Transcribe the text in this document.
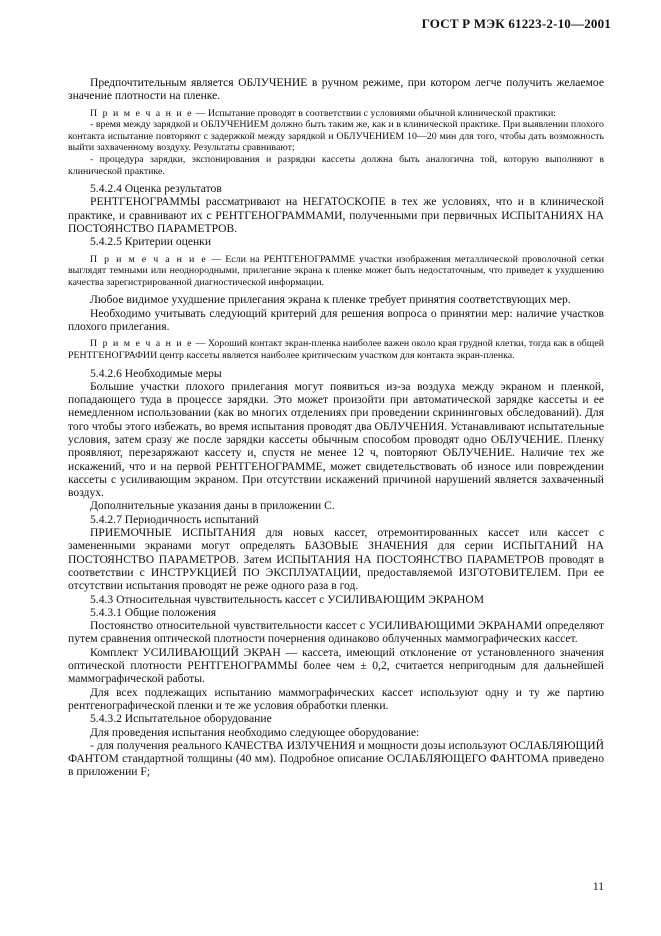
ГОСТ Р МЭК 61223-2-10—2001

Предпочтительным является ОБЛУЧЕНИЕ в ручном режиме, при котором легче получить желаемое значение плотности на пленке.

П р и м е ч а н и е — Испытание проводят в соответствии с условиями обычной клинической практики:

- время между зарядкой и ОБЛУЧЕНИЕМ должно быть таким же, как и в клинической практике. При выявлении плохого контакта испытание повторяют с задержкой между зарядкой и ОБЛУЧЕНИЕМ 10—20 мин для того, чтобы дать возможность выйти захваченному воздуху. Результаты сравнивают;

- процедура зарядки, экспонирования и разрядки кассеты должна быть аналогична той, которую выполняют в клинической практике.

5.4.2.4 Оценка результатов

РЕНТГЕНОГРАММЫ рассматривают на НЕГАТОСКОПЕ в тех же условиях, что и в клинической практике, и сравнивают их с РЕНТГЕНОГРАММАМИ, полученными при первичных ИСПЫТАНИЯХ НА ПОСТОЯНСТВО ПАРАМЕТРОВ.

5.4.2.5 Критерии оценки

П р и м е ч а н и е — Если на РЕНТГЕНОГРАММЕ участки изображения металлической проволочной сетки выглядят темными или неоднородными, прилегание экрана к пленке может быть недостаточным, что приведет к ухудшению качества зарегистрированной диагностической информации.

Любое видимое ухудшение прилегания экрана к пленке требует принятия соответствующих мер.

Необходимо учитывать следующий критерий для решения вопроса о принятии мер: наличие участков плохого прилегания.

П р и м е ч а н и е — Хороший контакт экран-пленка наиболее важен около края грудной клетки, тогда как в общей РЕНТГЕНОГРАФИИ центр кассеты является наиболее критическим участком для контакта экран-пленка.

5.4.2.6 Необходимые меры

Большие участки плохого прилегания могут появиться из-за воздуха между экраном и пленкой, попадающего туда в процессе зарядки. Это может произойти при автоматической зарядке кассеты и ее немедленном использовании (как во многих отделениях при проведении скрининговых обследований). Для того чтобы этого избежать, во время испытания проводят два ОБЛУЧЕНИЯ. Устанавливают испытательные условия, затем сразу же после зарядки кассеты обычным способом проводят одно ОБЛУЧЕНИЕ. Пленку проявляют, перезаряжают кассету и, спустя не менее 12 ч, повторяют ОБЛУЧЕНИЕ. Наличие тех же искажений, что и на первой РЕНТГЕНОГРАММЕ, может свидетельствовать об износе или повреждении кассеты с усиливающим экраном. При отсутствии искажений причиной нарушений является захваченный воздух.

Дополнительные указания даны в приложении С.

5.4.2.7 Периодичность испытаний

ПРИЕМОЧНЫЕ ИСПЫТАНИЯ для новых кассет, отремонтированных кассет или кассет с замененными экранами могут определять БАЗОВЫЕ ЗНАЧЕНИЯ для серии ИСПЫТАНИЙ НА ПОСТОЯНСТВО ПАРАМЕТРОВ. Затем ИСПЫТАНИЯ НА ПОСТОЯНСТВО ПАРАМЕТРОВ проводят в соответствии с ИНСТРУКЦИЕЙ ПО ЭКСПЛУАТАЦИИ, предоставляемой ИЗГОТОВИТЕЛЕМ. При ее отсутствии испытания проводят не реже одного раза в год.

5.4.3 Относительная чувствительность кассет с УСИЛИВАЮЩИМ ЭКРАНОМ

5.4.3.1 Общие положения

Постоянство относительной чувствительности кассет с УСИЛИВАЮЩИМИ ЭКРАНАМИ определяют путем сравнения оптической плотности почернения одинаково облученных маммографических кассет.

Комплект УСИЛИВАЮЩИЙ ЭКРАН — кассета, имеющий отклонение от установленного значения оптической плотности РЕНТГЕНОГРАММЫ более чем ± 0,2, считается непригодным для дальнейшей маммографической работы.

Для всех подлежащих испытанию маммографических кассет используют одну и ту же партию рентгенографической пленки и те же условия обработки пленки.

5.4.3.2 Испытательное оборудование

Для проведения испытания необходимо следующее оборудование:

- для получения реального КАЧЕСТВА ИЗЛУЧЕНИЯ и мощности дозы используют ОСЛАБЛЯЮЩИЙ ФАНТОМ стандартной толщины (40 мм). Подробное описание ОСЛАБЛЯЮЩЕГО ФАНТОМА приведено в приложении F;

11
